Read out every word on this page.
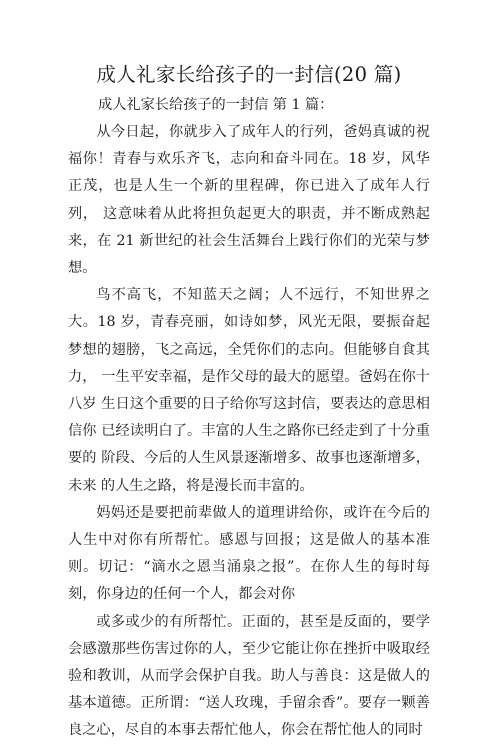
成人礼家长给孩子的一封信(20 篇)

成人礼家长给孩子的一封信 第 1 篇：

从今日起，你就步入了成年人的行列，爸妈真诚的祝福你！青春与欢乐齐飞，志向和奋斗同在。18 岁，风华正茂，也是人生一个新的里程碑，你已进入了成年人行列， 这意味着从此将担负起更大的职责，并不断成熟起来，在 21 新世纪的社会生活舞台上践行你们的光荣与梦想。

鸟不高飞，不知蓝天之阔；人不远行，不知世界之大。18 岁，青春亮丽，如诗如梦，风光无限，要振奋起梦想的翅膀，飞之高远，全凭你们的志向。但能够自食其力， 一生平安幸福，是作父母的最大的愿望。爸妈在你十八岁 生日这个重要的日子给你写这封信，要表达的意思相信你 已经读明白了。丰富的人生之路你已经走到了十分重要的 阶段、今后的人生风景逐渐增多、故事也逐渐增多，未来 的人生之路，将是漫长而丰富的。

妈妈还是要把前辈做人的道理讲给你，或许在今后的人生中对你有所帮忙。感恩与回报；这是做人的基本准则。切记：“滴水之恩当涌泉之报”。在你人生的每时每刻，你身边的任何一个人，都会对你

或多或少的有所帮忙。正面的，甚至是反面的，要学会感激那些伤害过你的人，至少它能让你在挫折中吸取经验和教训，从而学会保护自我。助人与善良：这是做人的基本道德。正所谓：“送人玫瑰，手留余香”。要存一颗善良之心，尽自的本事去帮忙他人，你会在帮忙他人的同时
